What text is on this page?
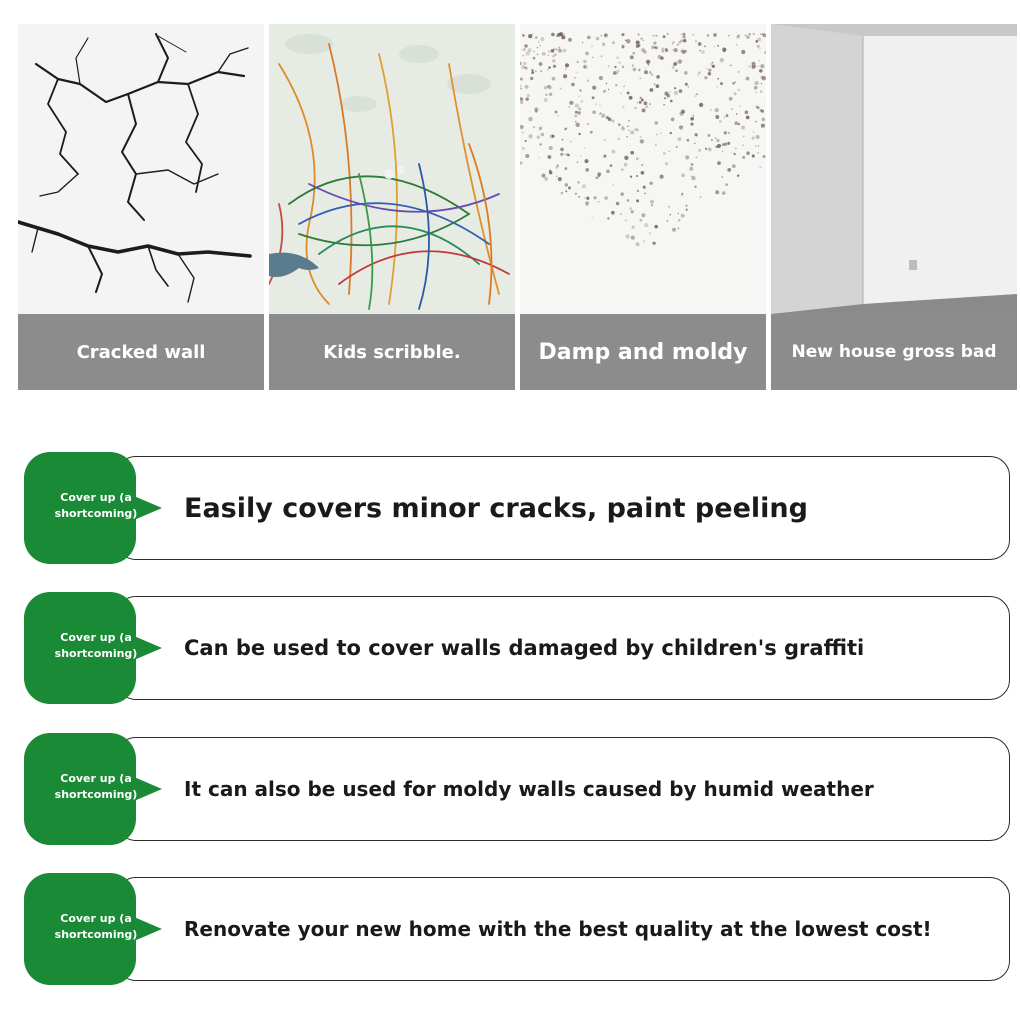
Cracked wall	Kids scribble.	Damp and moldy	New house gross bad
Cover up (a shortcoming)	Easily covers minor cracks, paint peeling
Cover up (a shortcoming)	Can be used to cover walls damaged by children's graffiti
Cover up (a shortcoming)	It can also be used for moldy walls caused by humid weather
Cover up (a shortcoming)	Renovate your new home with the best quality at the lowest cost!
